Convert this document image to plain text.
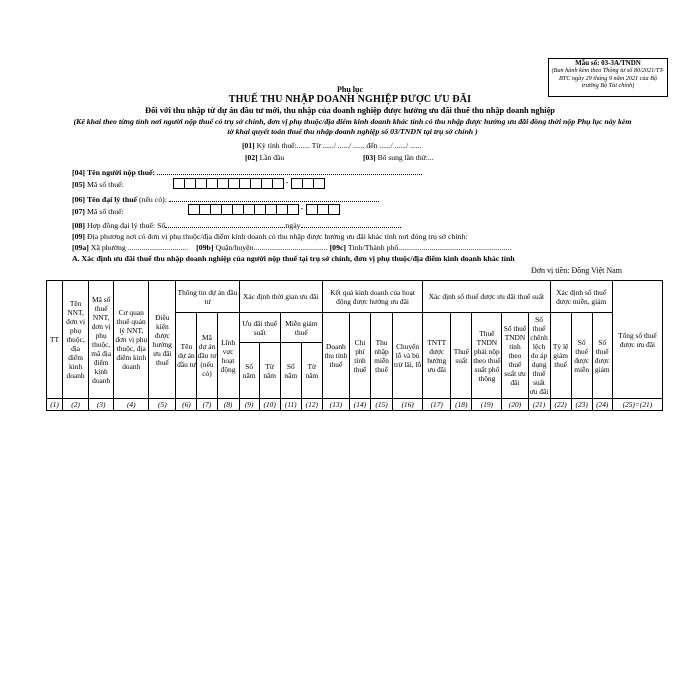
Mẫu số: 03-3A/TNDN
(Ban hành kèm theo Thông tư số 80/2021/TT-BTC ngày 29 tháng 9 năm 2021 của Bộ trưởng Bộ Tài chính)
Phụ lục
THUẾ THU NHẬP DOANH NGHIỆP ĐƯỢC ƯU ĐÃI
Đối với thu nhập từ dự án đầu tư mới, thu nhập của doanh nghiệp được hưởng ưu đãi thuế thu nhập doanh nghiệp
(Kê khai theo từng tỉnh nơi người nộp thuế có trụ sở chính, đơn vị phụ thuộc/địa điểm kinh doanh khác tỉnh có thu nhập được hưởng ưu đãi đồng thời nộp Phụ lục này kèm tờ khai quyết toán thuế thu nhập doanh nghiệp số 03/TNDN tại trụ sở chính )
[01] Kỳ tính thuế:....... Từ ....../ ....../ ...... đến ....../ ....../ ......
[02] Lần đầu	[03] Bổ sung lần thứ:...
[04] Tên người nộp thuế:
[05] Mã số thuế:	-
[06] Tên đại lý thuế (nếu có):
[07] Mã số thuế:	-
[08] Hợp đồng đại lý thuế: Số	ngày
[09] Địa phương nơi có đơn vị phụ thuộc/địa điểm kinh doanh có thu nhập được hưởng ưu đãi khác tỉnh nơi đóng trụ sở chính:
[09a] Xã phường ............................... [09b] Quận/huyện...................................... [09c] Tỉnh/Thành phố..........................................................
A. Xác định ưu đãi thuế thu nhập doanh nghiệp của người nộp thuế tại trụ sở chính, đơn vị phụ thuộc/địa điểm kinh doanh khác tỉnh
Đơn vị tiền: Đồng Việt Nam
TT	Tên NNT, đơn vị phụ thuộc, địa điểm kinh doanh	Mã số thuế NNT, đơn vị phụ thuộc, mã địa điểm kinh doanh	Cơ quan thuế quản lý NNT, đơn vị phụ thuộc, địa điểm kinh doanh	Điều kiện được hưởng ưu đãi thuế	Thông tin dự án đầu tư			Xác định thời gian ưu đãi				Kết quả kinh doanh của hoạt động được hưởng ưu đãi				Xác định số thuế được ưu đãi thuế suất					Xác định số thuế được miễn, giảm			Tổng số thuế được ưu đãi
					Tên dự án đầu tư	Mã dự án đầu tư (nếu có)	Lĩnh vực hoạt động	Ưu đãi thuế suất		Miễn giảm thuế		Doanh thu tính thuế	Chi phí tính thuế	Thu nhập miễn thuế	Chuyển lỗ và bù trừ lãi, lỗ	TNTT được hưởng ưu đãi	Thuế suất	Thuế TNDN phải nộp theo thuế suất phổ thông	Số thuế TNDN tính theo thuế suất ưu đãi	Số thuế chênh lệch do áp dụng thuế suất ưu đãi	Tỷ lệ giảm thuế	Số thuế được miễn	Số thuế được giảm	
								Số năm	Từ năm	Số năm	Từ năm													
(1)	(2)	(3)	(4)	(5)	(6)	(7)	(8)	(9)	(10)	(11)	(12)	(13)	(14)	(15)	(16)	(17)	(18)	(19)	(20)	(21)	(22)	(23)	(24)	(25)=(21)
